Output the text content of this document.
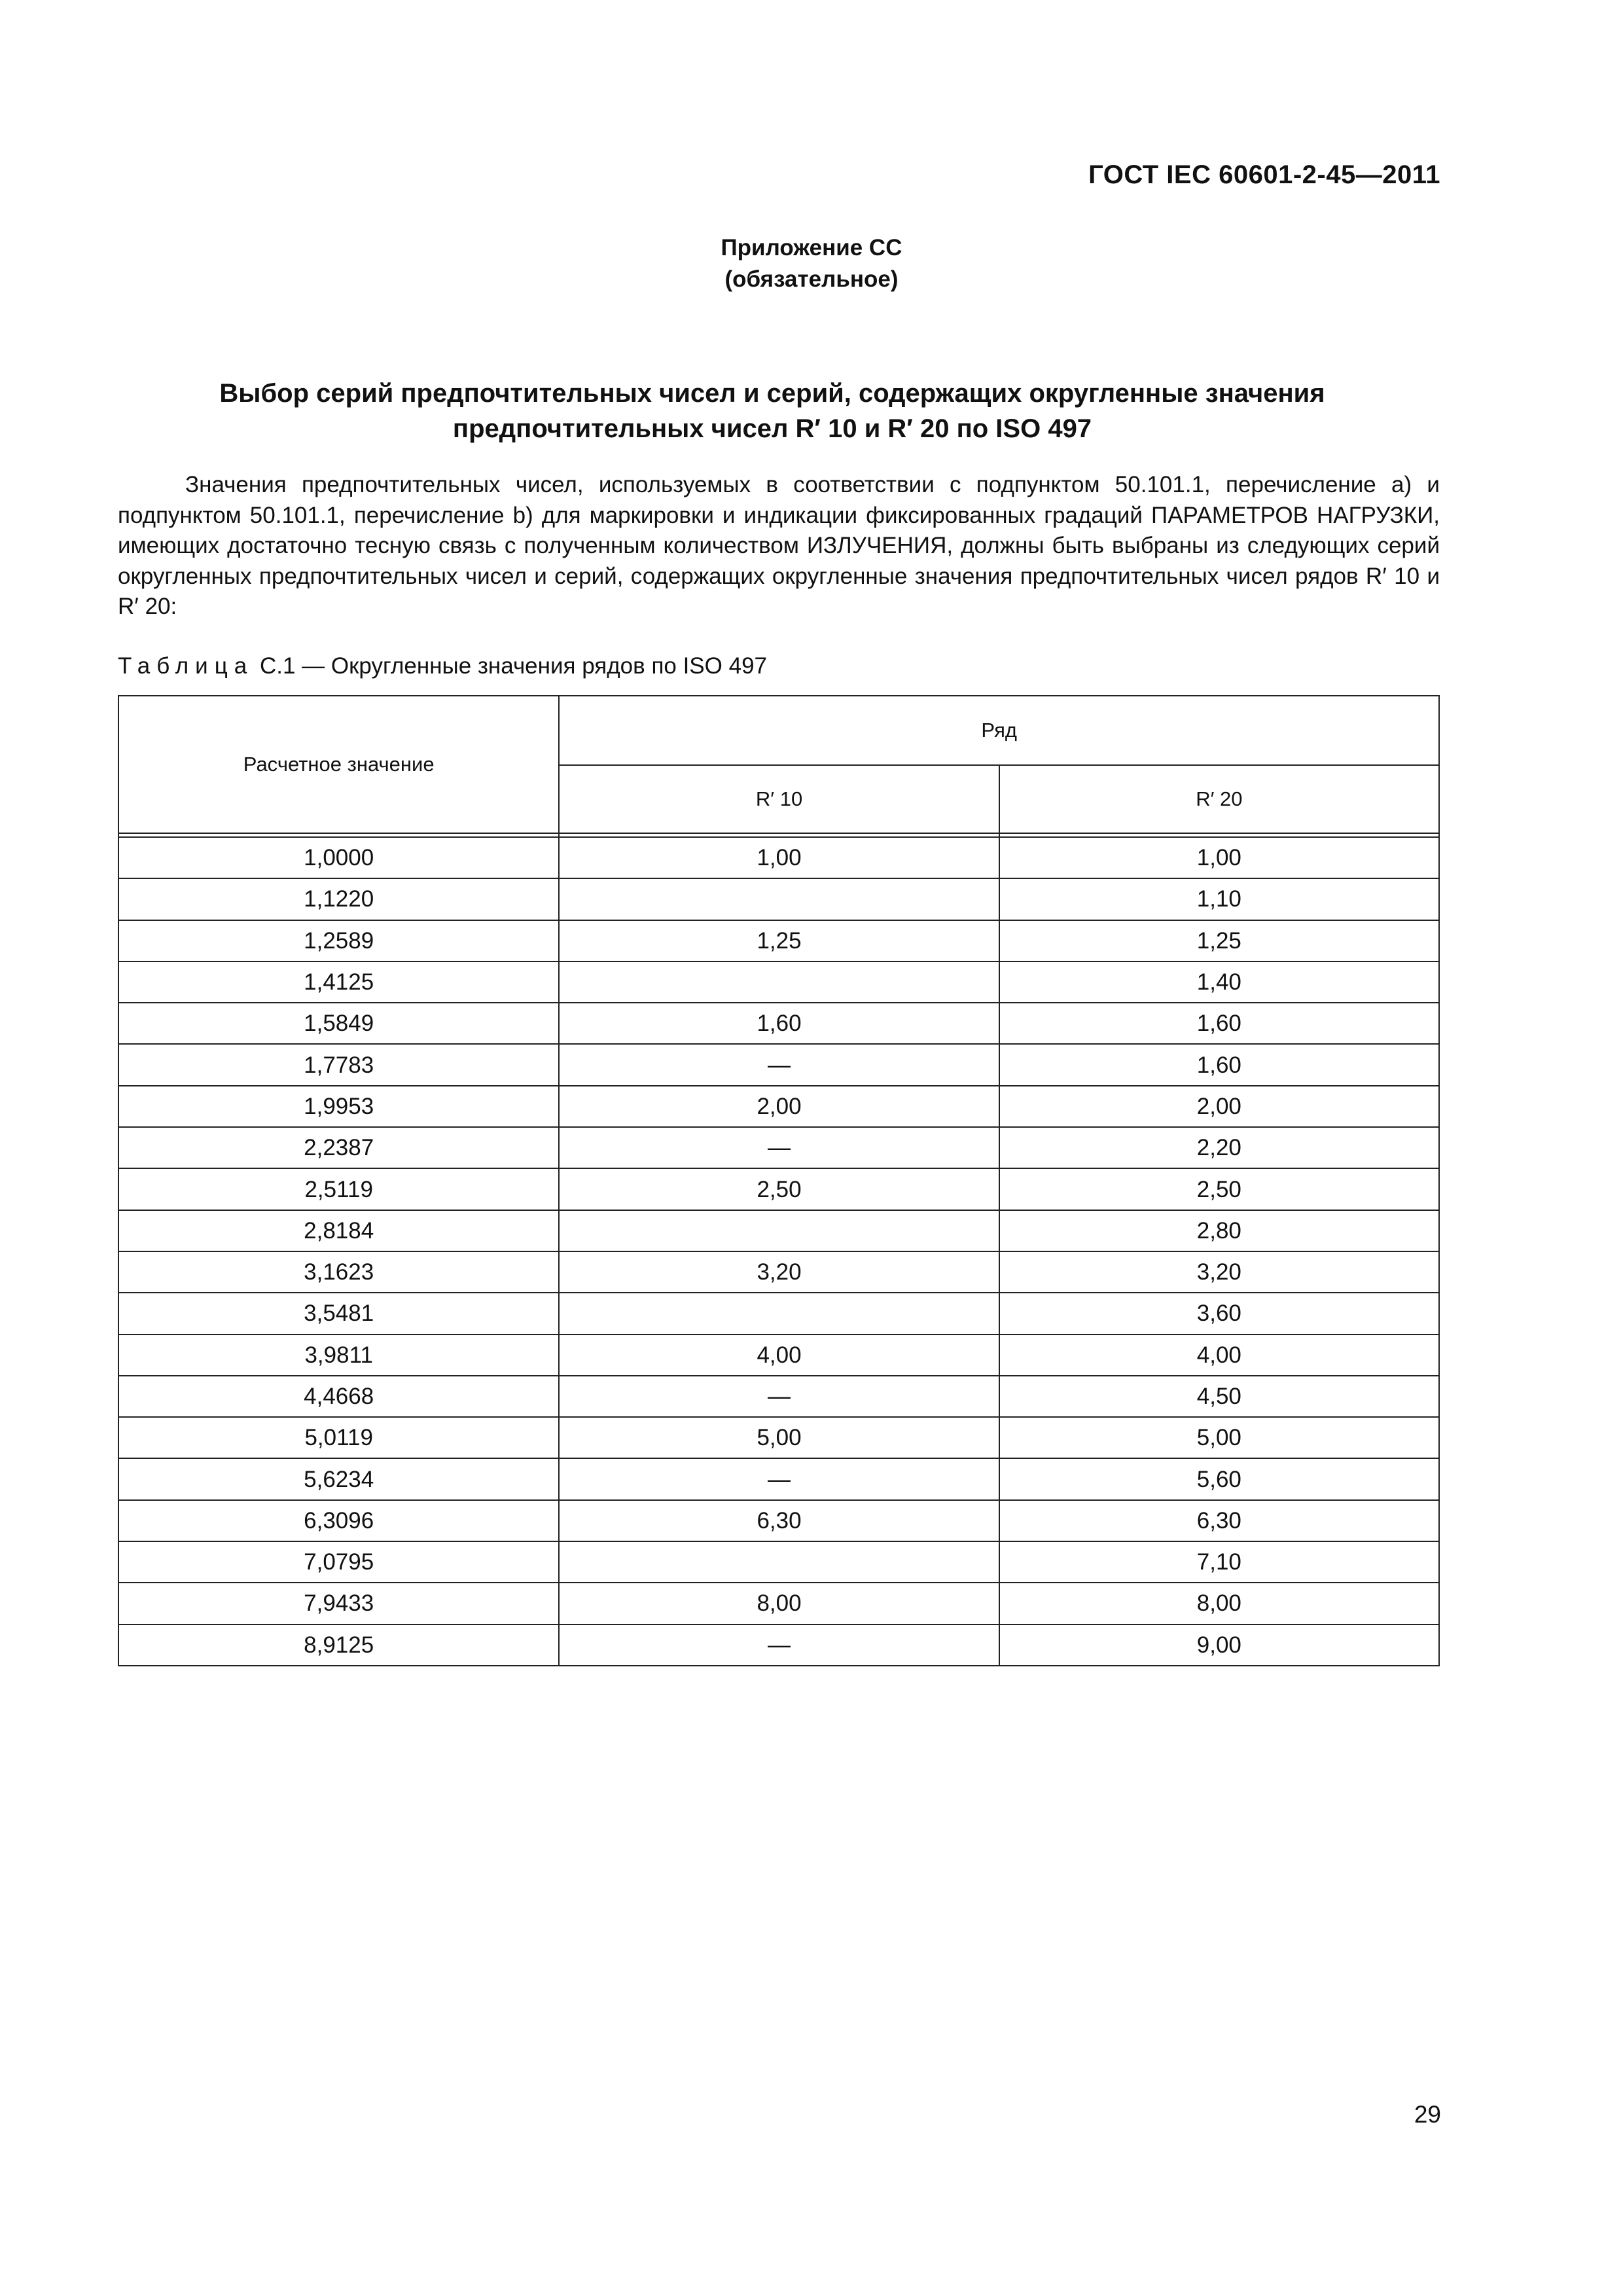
ГОСТ IEC 60601-2-45—2011
Приложение СС
(обязательное)
Выбор серий предпочтительных чисел и серий, содержащих округленные значения
предпочтительных чисел R′ 10 и R′ 20 по ISO 497
Значения предпочтительных чисел, используемых в соответствии с подпунктом 50.101.1, перечисление а) и подпунктом 50.101.1, перечисление b) для маркировки и индикации фиксированных градаций ПАРАМЕТРОВ НАГРУЗКИ, имеющих достаточно тесную связь с полученным количеством ИЗЛУЧЕНИЯ, должны быть выбраны из следующих серий округленных предпочтительных чисел и серий, содержащих округленные значения предпочтительных чисел рядов R′ 10 и R′ 20:
Таблица С.1 — Округленные значения рядов по ISO 497
Расчетное значение	Ряд	
	R′ 10	R′ 20

1,0000	1,00	1,00
1,1220		1,10
1,2589	1,25	1,25
1,4125		1,40
1,5849	1,60	1,60
1,7783	—	1,60
1,9953	2,00	2,00
2,2387	—	2,20
2,5119	2,50	2,50
2,8184		2,80
3,1623	3,20	3,20
3,5481		3,60
3,9811	4,00	4,00
4,4668	—	4,50
5,0119	5,00	5,00
5,6234	—	5,60
6,3096	6,30	6,30
7,0795		7,10
7,9433	8,00	8,00
8,9125	—	9,00
29
